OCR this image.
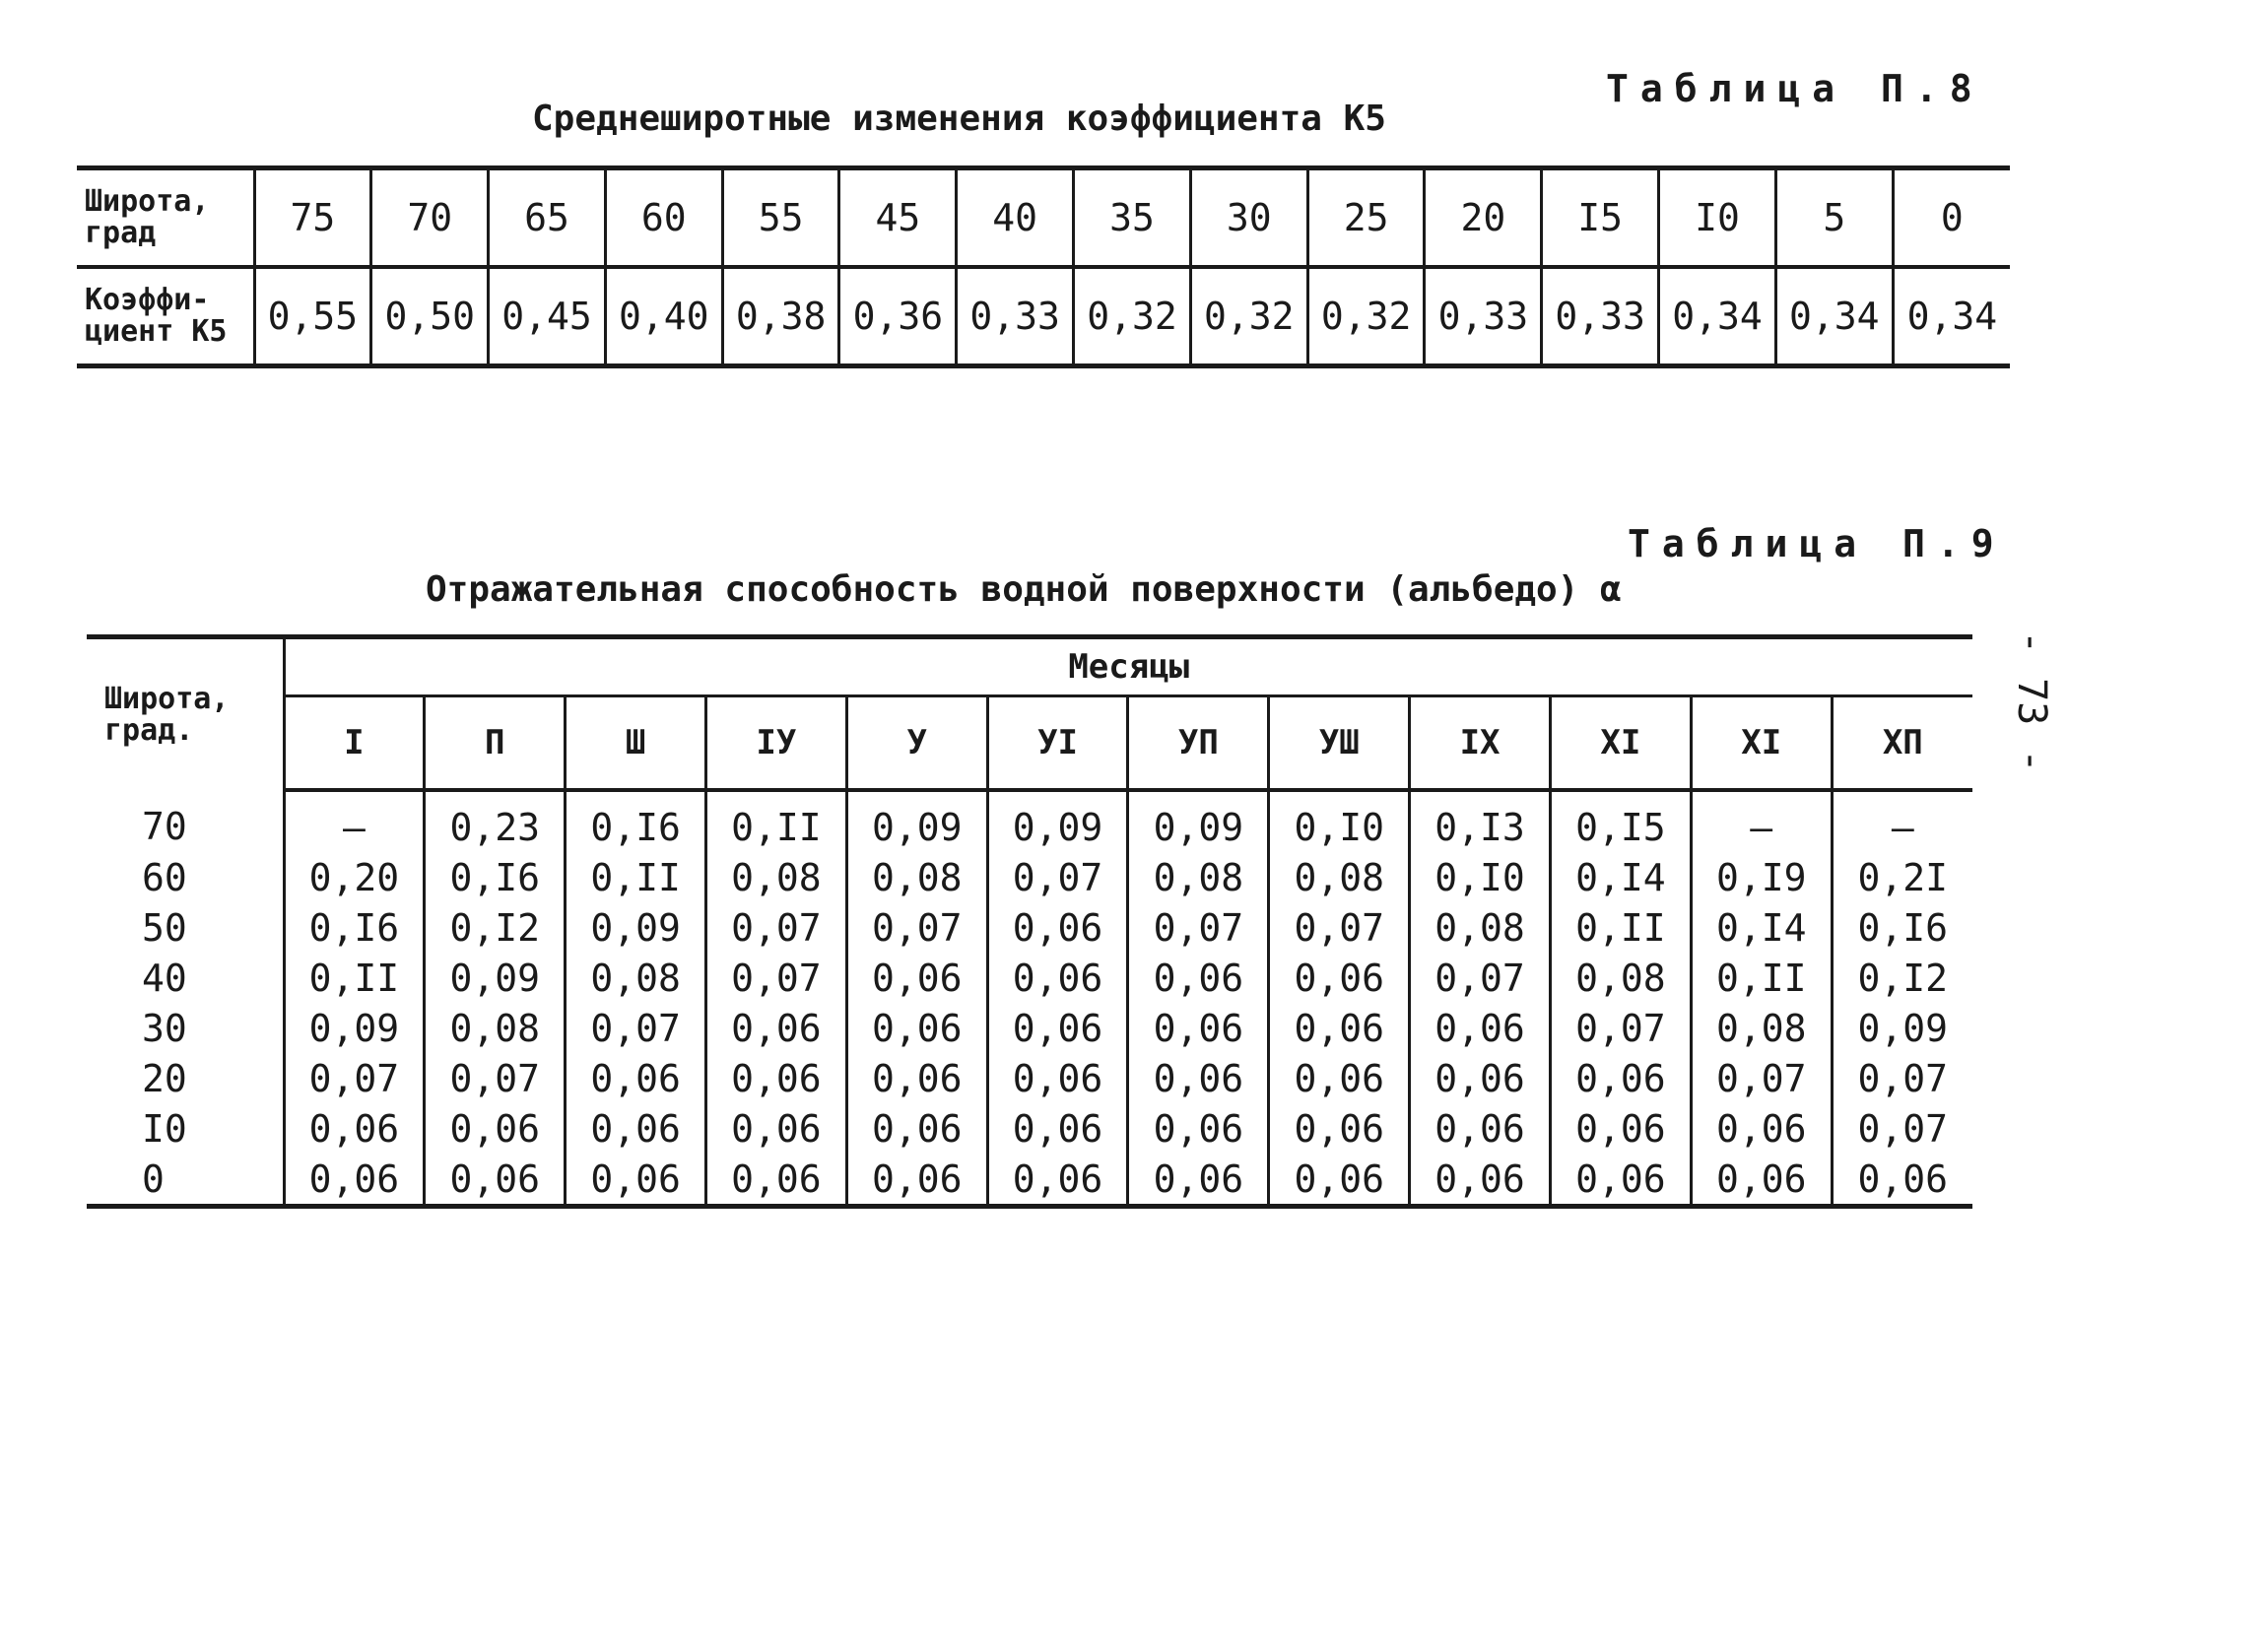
Таблица П.8
Среднеширотные изменения коэффициента K5
Широта, град	75	70	65	60	55	45	40	35	30	25	20	I5	I0	5	0
Коэффи- циент K5	0,55	0,50	0,45	0,40	0,38	0,36	0,33	0,32	0,32	0,32	0,33	0,33	0,34	0,34	0,34
Таблица П.9
Отражательная способность водной поверхности (альбедо) α
Широта, град.	Месяцы											
	I	П	Ш	IУ	У	УI	УП	УШ	IХ	ХI	ХI	ХП
70	–	0,23	0,I6	0,II	0,09	0,09	0,09	0,I0	0,I3	0,I5	–	–
60	0,20	0,I6	0,II	0,08	0,08	0,07	0,08	0,08	0,I0	0,I4	0,I9	0,2I
50	0,I6	0,I2	0,09	0,07	0,07	0,06	0,07	0,07	0,08	0,II	0,I4	0,I6
40	0,II	0,09	0,08	0,07	0,06	0,06	0,06	0,06	0,07	0,08	0,II	0,I2
30	0,09	0,08	0,07	0,06	0,06	0,06	0,06	0,06	0,06	0,07	0,08	0,09
20	0,07	0,07	0,06	0,06	0,06	0,06	0,06	0,06	0,06	0,06	0,07	0,07
I0	0,06	0,06	0,06	0,06	0,06	0,06	0,06	0,06	0,06	0,06	0,06	0,07
0	0,06	0,06	0,06	0,06	0,06	0,06	0,06	0,06	0,06	0,06	0,06	0,06
- 73 -
